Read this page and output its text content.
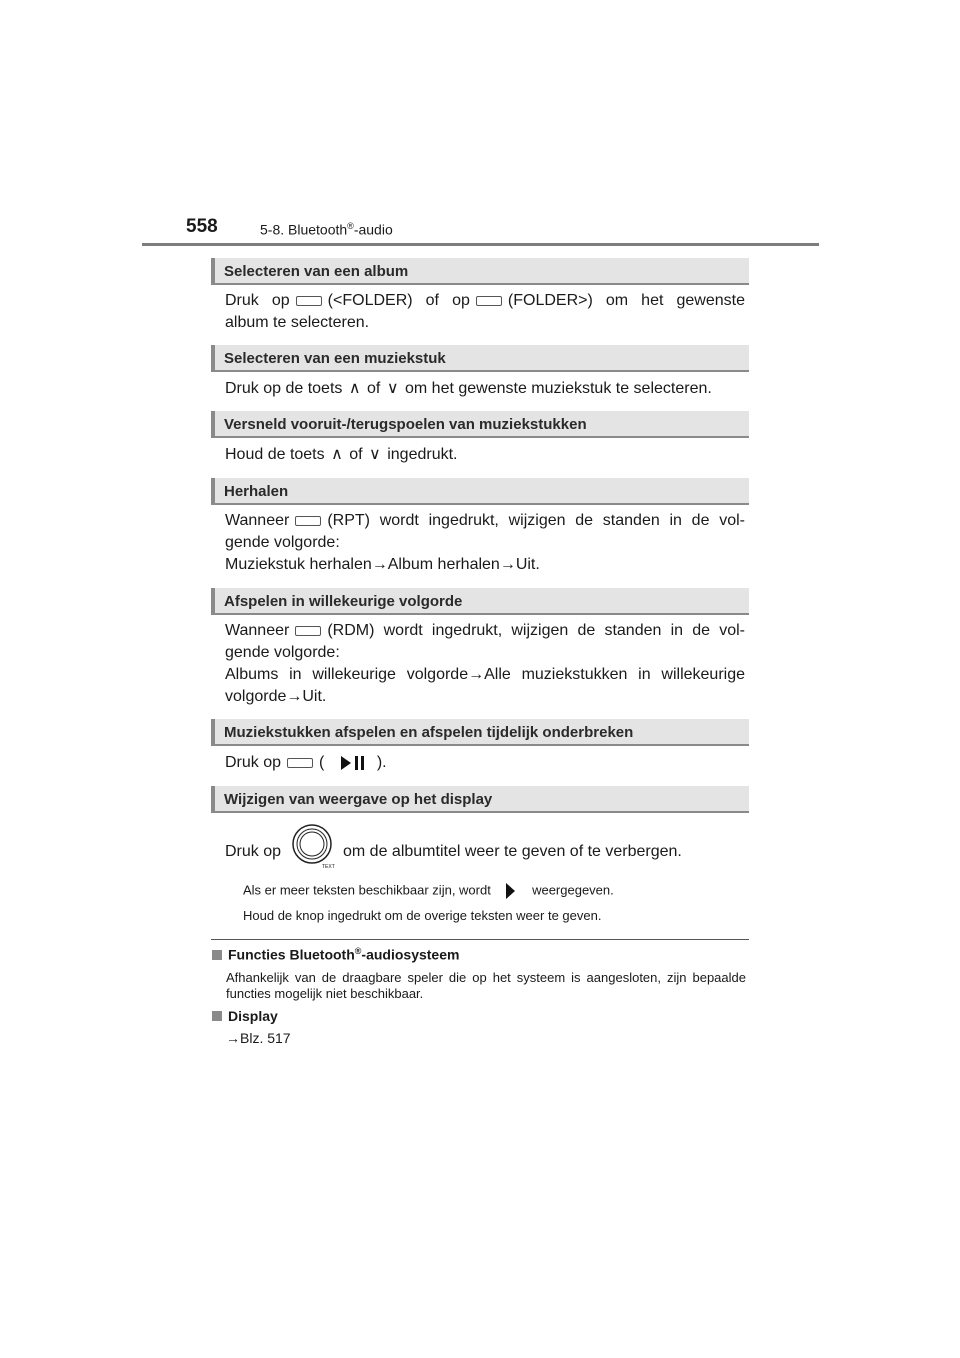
558	5-8. Bluetooth®-audio
Selecteren van een album
Druk op (<FOLDER) of op (FOLDER>) om het gewenste
album te selecteren.
Selecteren van een muziekstuk
Druk op de toets ∧ of ∨ om het gewenste muziekstuk te selecteren.
Versneld vooruit-/terugspoelen van muziekstukken
Houd de toets ∧ of ∨ ingedrukt.
Herhalen
Wanneer (RPT) wordt ingedrukt, wijzigen de standen in de vol-
gende volgorde:
Muziekstuk herhalen→Album herhalen→Uit.
Afspelen in willekeurige volgorde
Wanneer (RDM) wordt ingedrukt, wijzigen de standen in de vol-
gende volgorde:
Albums in willekeurige volgorde→Alle muziekstukken in willekeurige
volgorde→Uit.
Muziekstukken afspelen en afspelen tijdelijk onderbreken
Druk op (	).
Wijzigen van weergave op het display
Druk op
TEXT
om de albumtitel weer te geven of te verbergen.
Als er meer teksten beschikbaar zijn, wordt	weergegeven.
Houd de knop ingedrukt om de overige teksten weer te geven.
Functies Bluetooth®-audiosysteem
Afhankelijk van de draagbare speler die op het systeem is aangesloten, zijn bepaalde functies mogelijk niet beschikbaar.
Display
→Blz. 517
